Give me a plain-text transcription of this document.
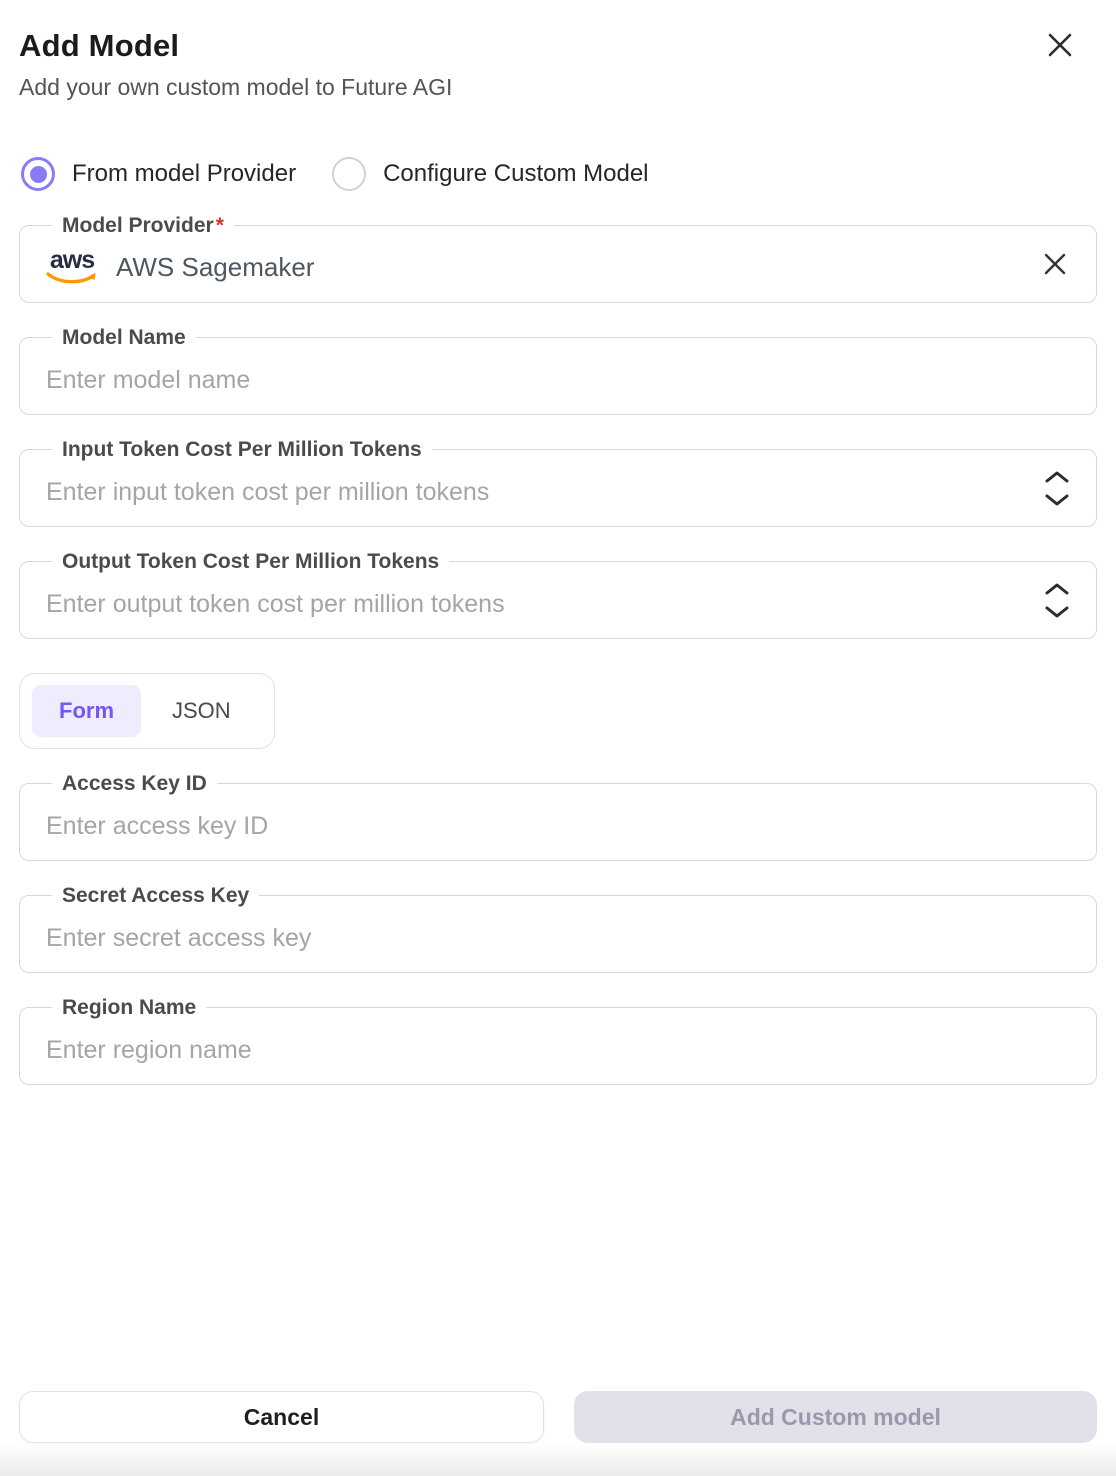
Add Model
Add your own custom model to Future AGI
From model Provider	Configure Custom Model
Model Provider*
aws AWS Sagemaker
Model Name
Enter model name
Input Token Cost Per Million Tokens
Enter input token cost per million tokens
Output Token Cost Per Million Tokens
Enter output token cost per million tokens
Form	JSON
Access Key ID
Enter access key ID
Secret Access Key
Enter secret access key
Region Name
Enter region name
Cancel	Add Custom model
